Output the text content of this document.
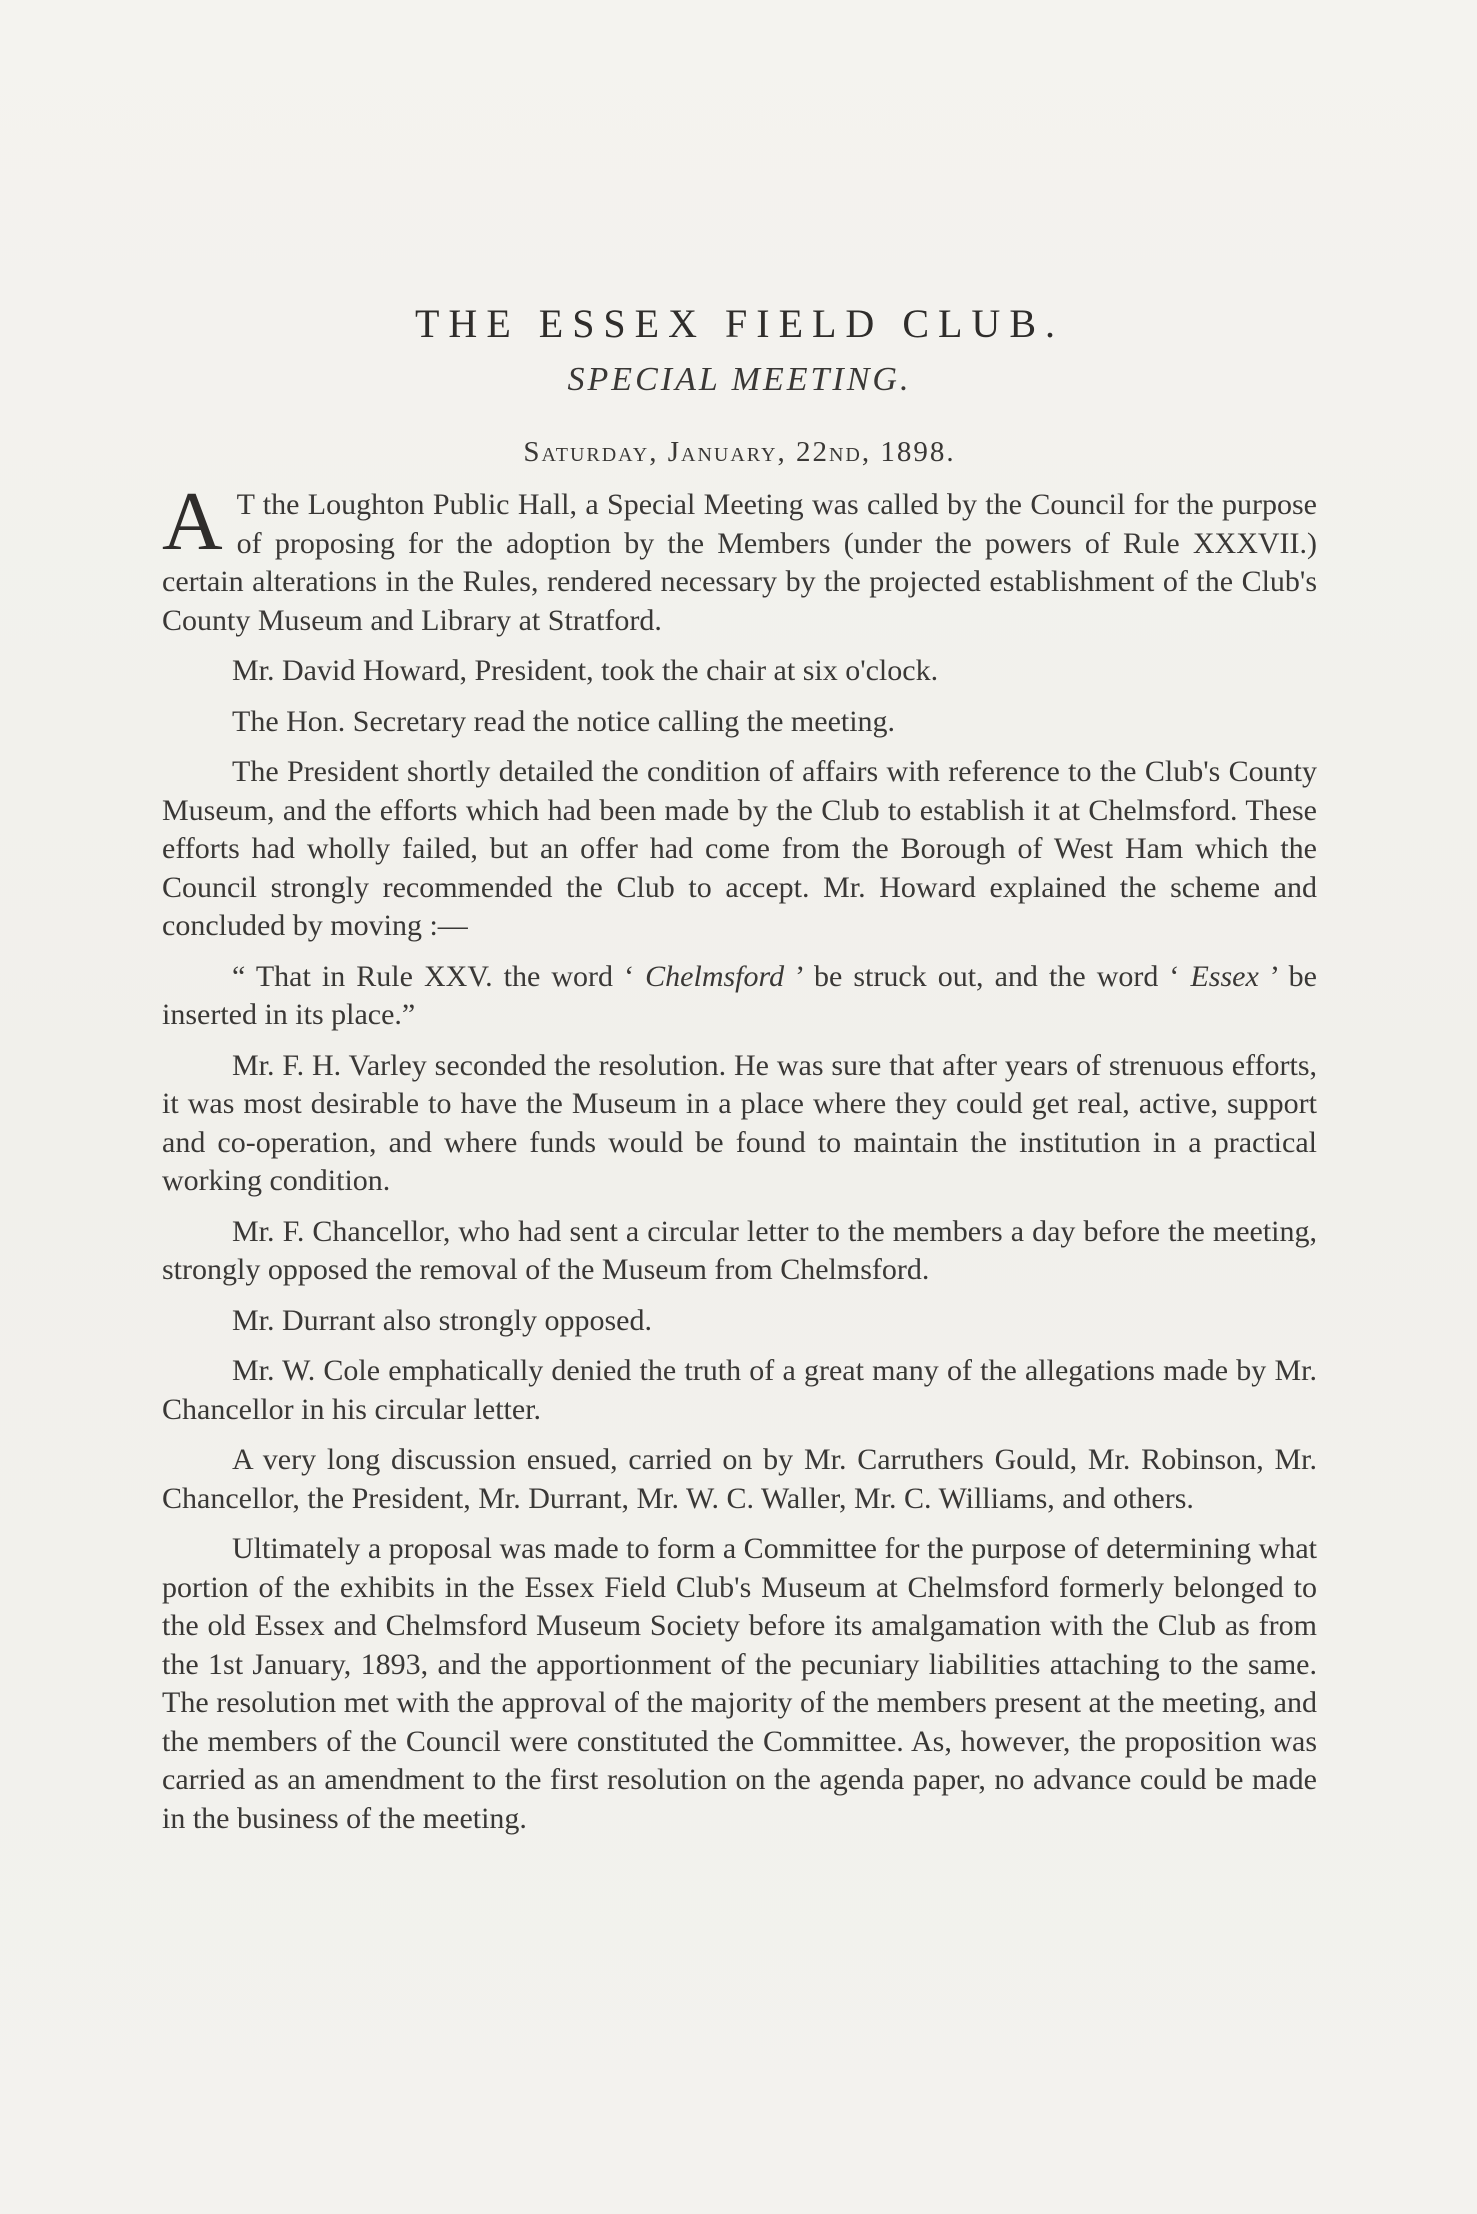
THE ESSEX FIELD CLUB.
SPECIAL MEETING.
Saturday, January, 22nd, 1898.

A T the Loughton Public Hall, a Special Meeting was called by the Council for the purpose of proposing for the adoption by the Members (under the powers of Rule XXXVII.) certain alterations in the Rules, rendered necessary by the projected establishment of the Club's County Museum and Library at Stratford.

Mr. David Howard, President, took the chair at six o'clock.

The Hon. Secretary read the notice calling the meeting.

The President shortly detailed the condition of affairs with reference to the Club's County Museum, and the efforts which had been made by the Club to establish it at Chelmsford. These efforts had wholly failed, but an offer had come from the Borough of West Ham which the Council strongly recommended the Club to accept. Mr. Howard explained the scheme and concluded by moving :—

“ That in Rule XXV. the word ‘ Chelmsford ’ be struck out, and the word ‘ Essex ’ be inserted in its place.”

Mr. F. H. Varley seconded the resolution. He was sure that after years of strenuous efforts, it was most desirable to have the Museum in a place where they could get real, active, support and co-operation, and where funds would be found to maintain the institution in a practical working condition.

Mr. F. Chancellor, who had sent a circular letter to the members a day before the meeting, strongly opposed the removal of the Museum from Chelmsford.

Mr. Durrant also strongly opposed.

Mr. W. Cole emphatically denied the truth of a great many of the allegations made by Mr. Chancellor in his circular letter.

A very long discussion ensued, carried on by Mr. Carruthers Gould, Mr. Robinson, Mr. Chancellor, the President, Mr. Durrant, Mr. W. C. Waller, Mr. C. Williams, and others.

Ultimately a proposal was made to form a Committee for the purpose of determining what portion of the exhibits in the Essex Field Club's Museum at Chelmsford formerly belonged to the old Essex and Chelmsford Museum Society before its amalgamation with the Club as from the 1st January, 1893, and the apportionment of the pecuniary liabilities attaching to the same. The resolution met with the approval of the majority of the members present at the meeting, and the members of the Council were constituted the Committee. As, however, the proposition was carried as an amendment to the first resolution on the agenda paper, no advance could be made in the business of the meeting.
